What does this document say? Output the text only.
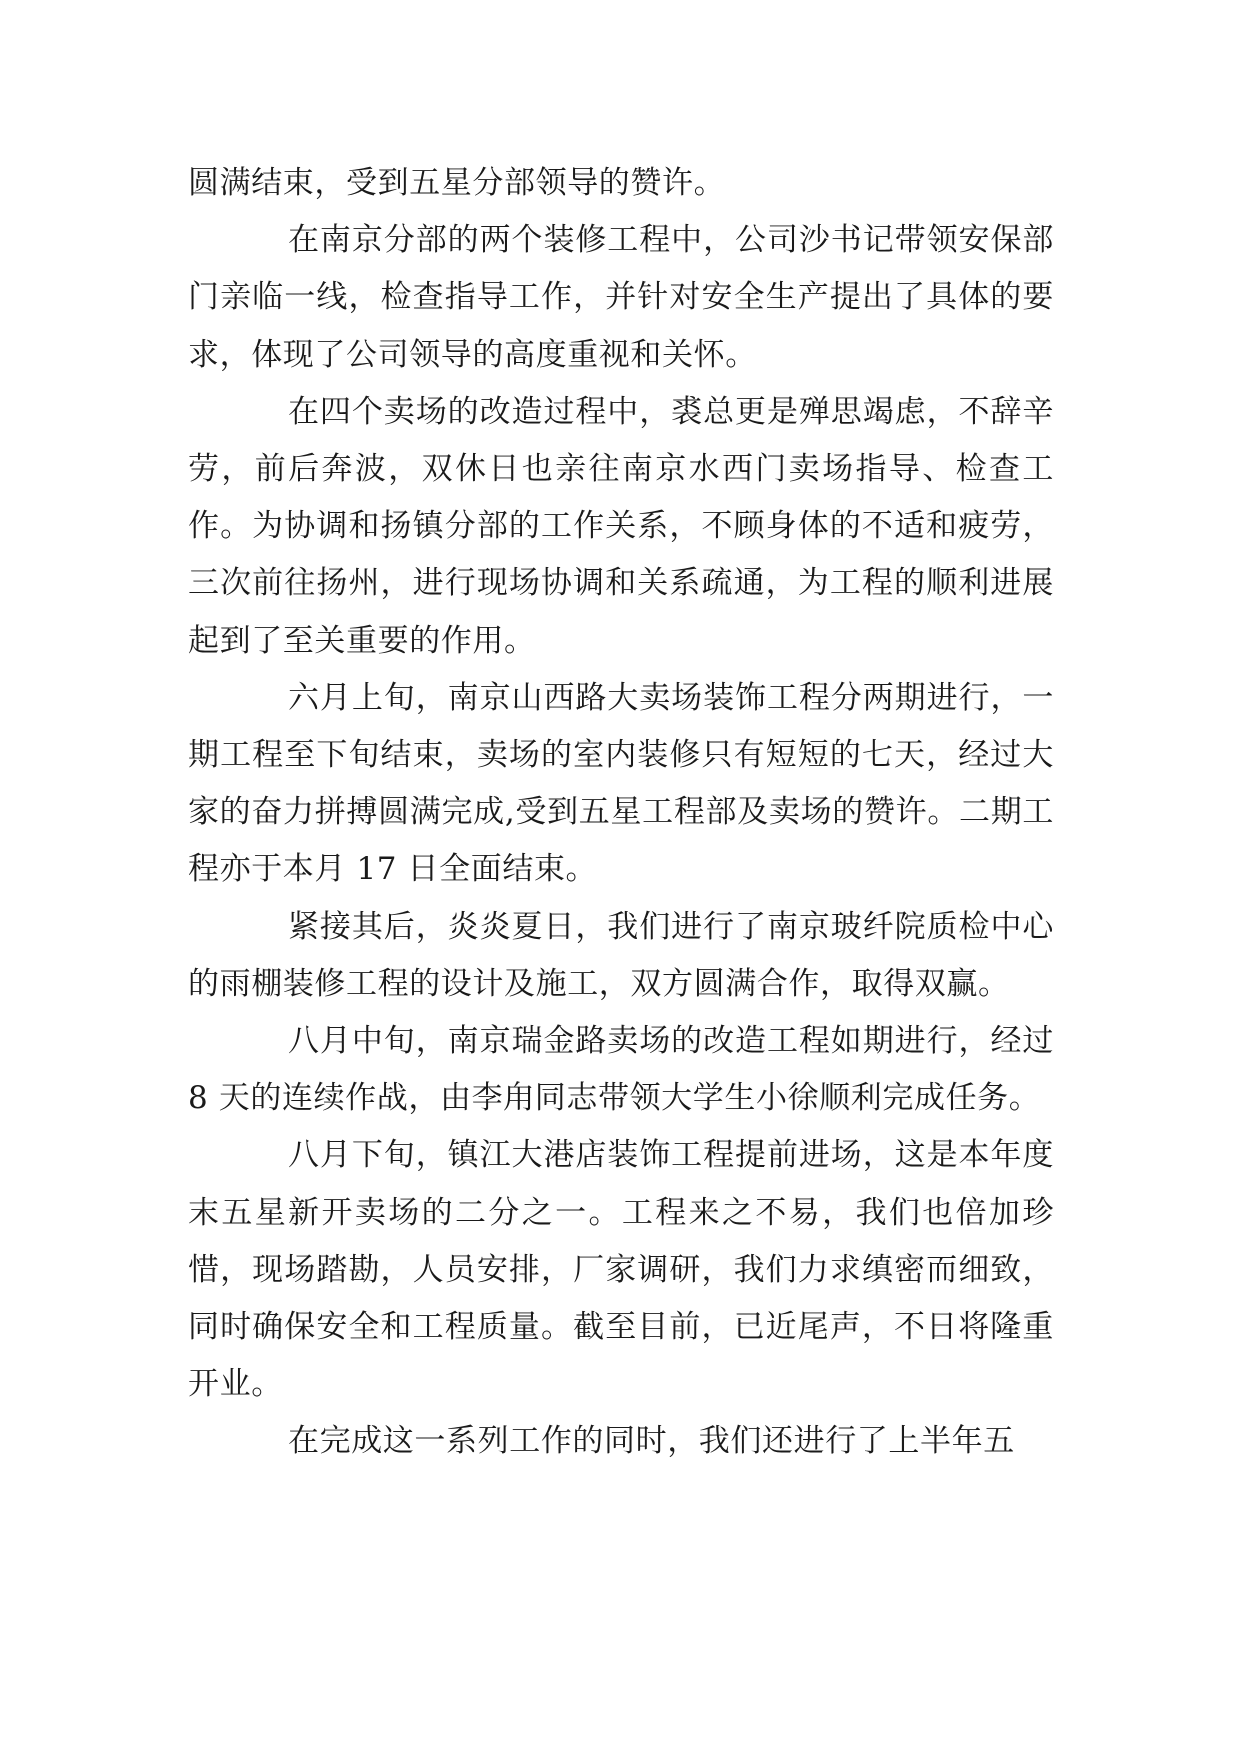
圆满结束，受到五星分部领导的赞许。

在南京分部的两个装修工程中，公司沙书记带领安保部门亲临一线，检查指导工作，并针对安全生产提出了具体的要求，体现了公司领导的高度重视和关怀。

在四个卖场的改造过程中，裘总更是殚思竭虑，不辞辛劳，前后奔波，双休日也亲往南京水西门卖场指导、检查工作。为协调和扬镇分部的工作关系，不顾身体的不适和疲劳，三次前往扬州，进行现场协调和关系疏通，为工程的顺利进展起到了至关重要的作用。

六月上旬，南京山西路大卖场装饰工程分两期进行，一期工程至下旬结束，卖场的室内装修只有短短的七天，经过大家的奋力拼搏圆满完成,受到五星工程部及卖场的赞许。二期工程亦于本月 17 日全面结束。

紧接其后，炎炎夏日，我们进行了南京玻纤院质检中心的雨棚装修工程的设计及施工，双方圆满合作，取得双赢。

八月中旬，南京瑞金路卖场的改造工程如期进行，经过 8 天的连续作战，由李甪同志带领大学生小徐顺利完成任务。

八月下旬，镇江大港店装饰工程提前进场，这是本年度末五星新开卖场的二分之一。工程来之不易，我们也倍加珍惜，现场踏勘，人员安排，厂家调研，我们力求缜密而细致，同时确保安全和工程质量。截至目前，已近尾声，不日将隆重开业。

在完成这一系列工作的同时，我们还进行了上半年五
